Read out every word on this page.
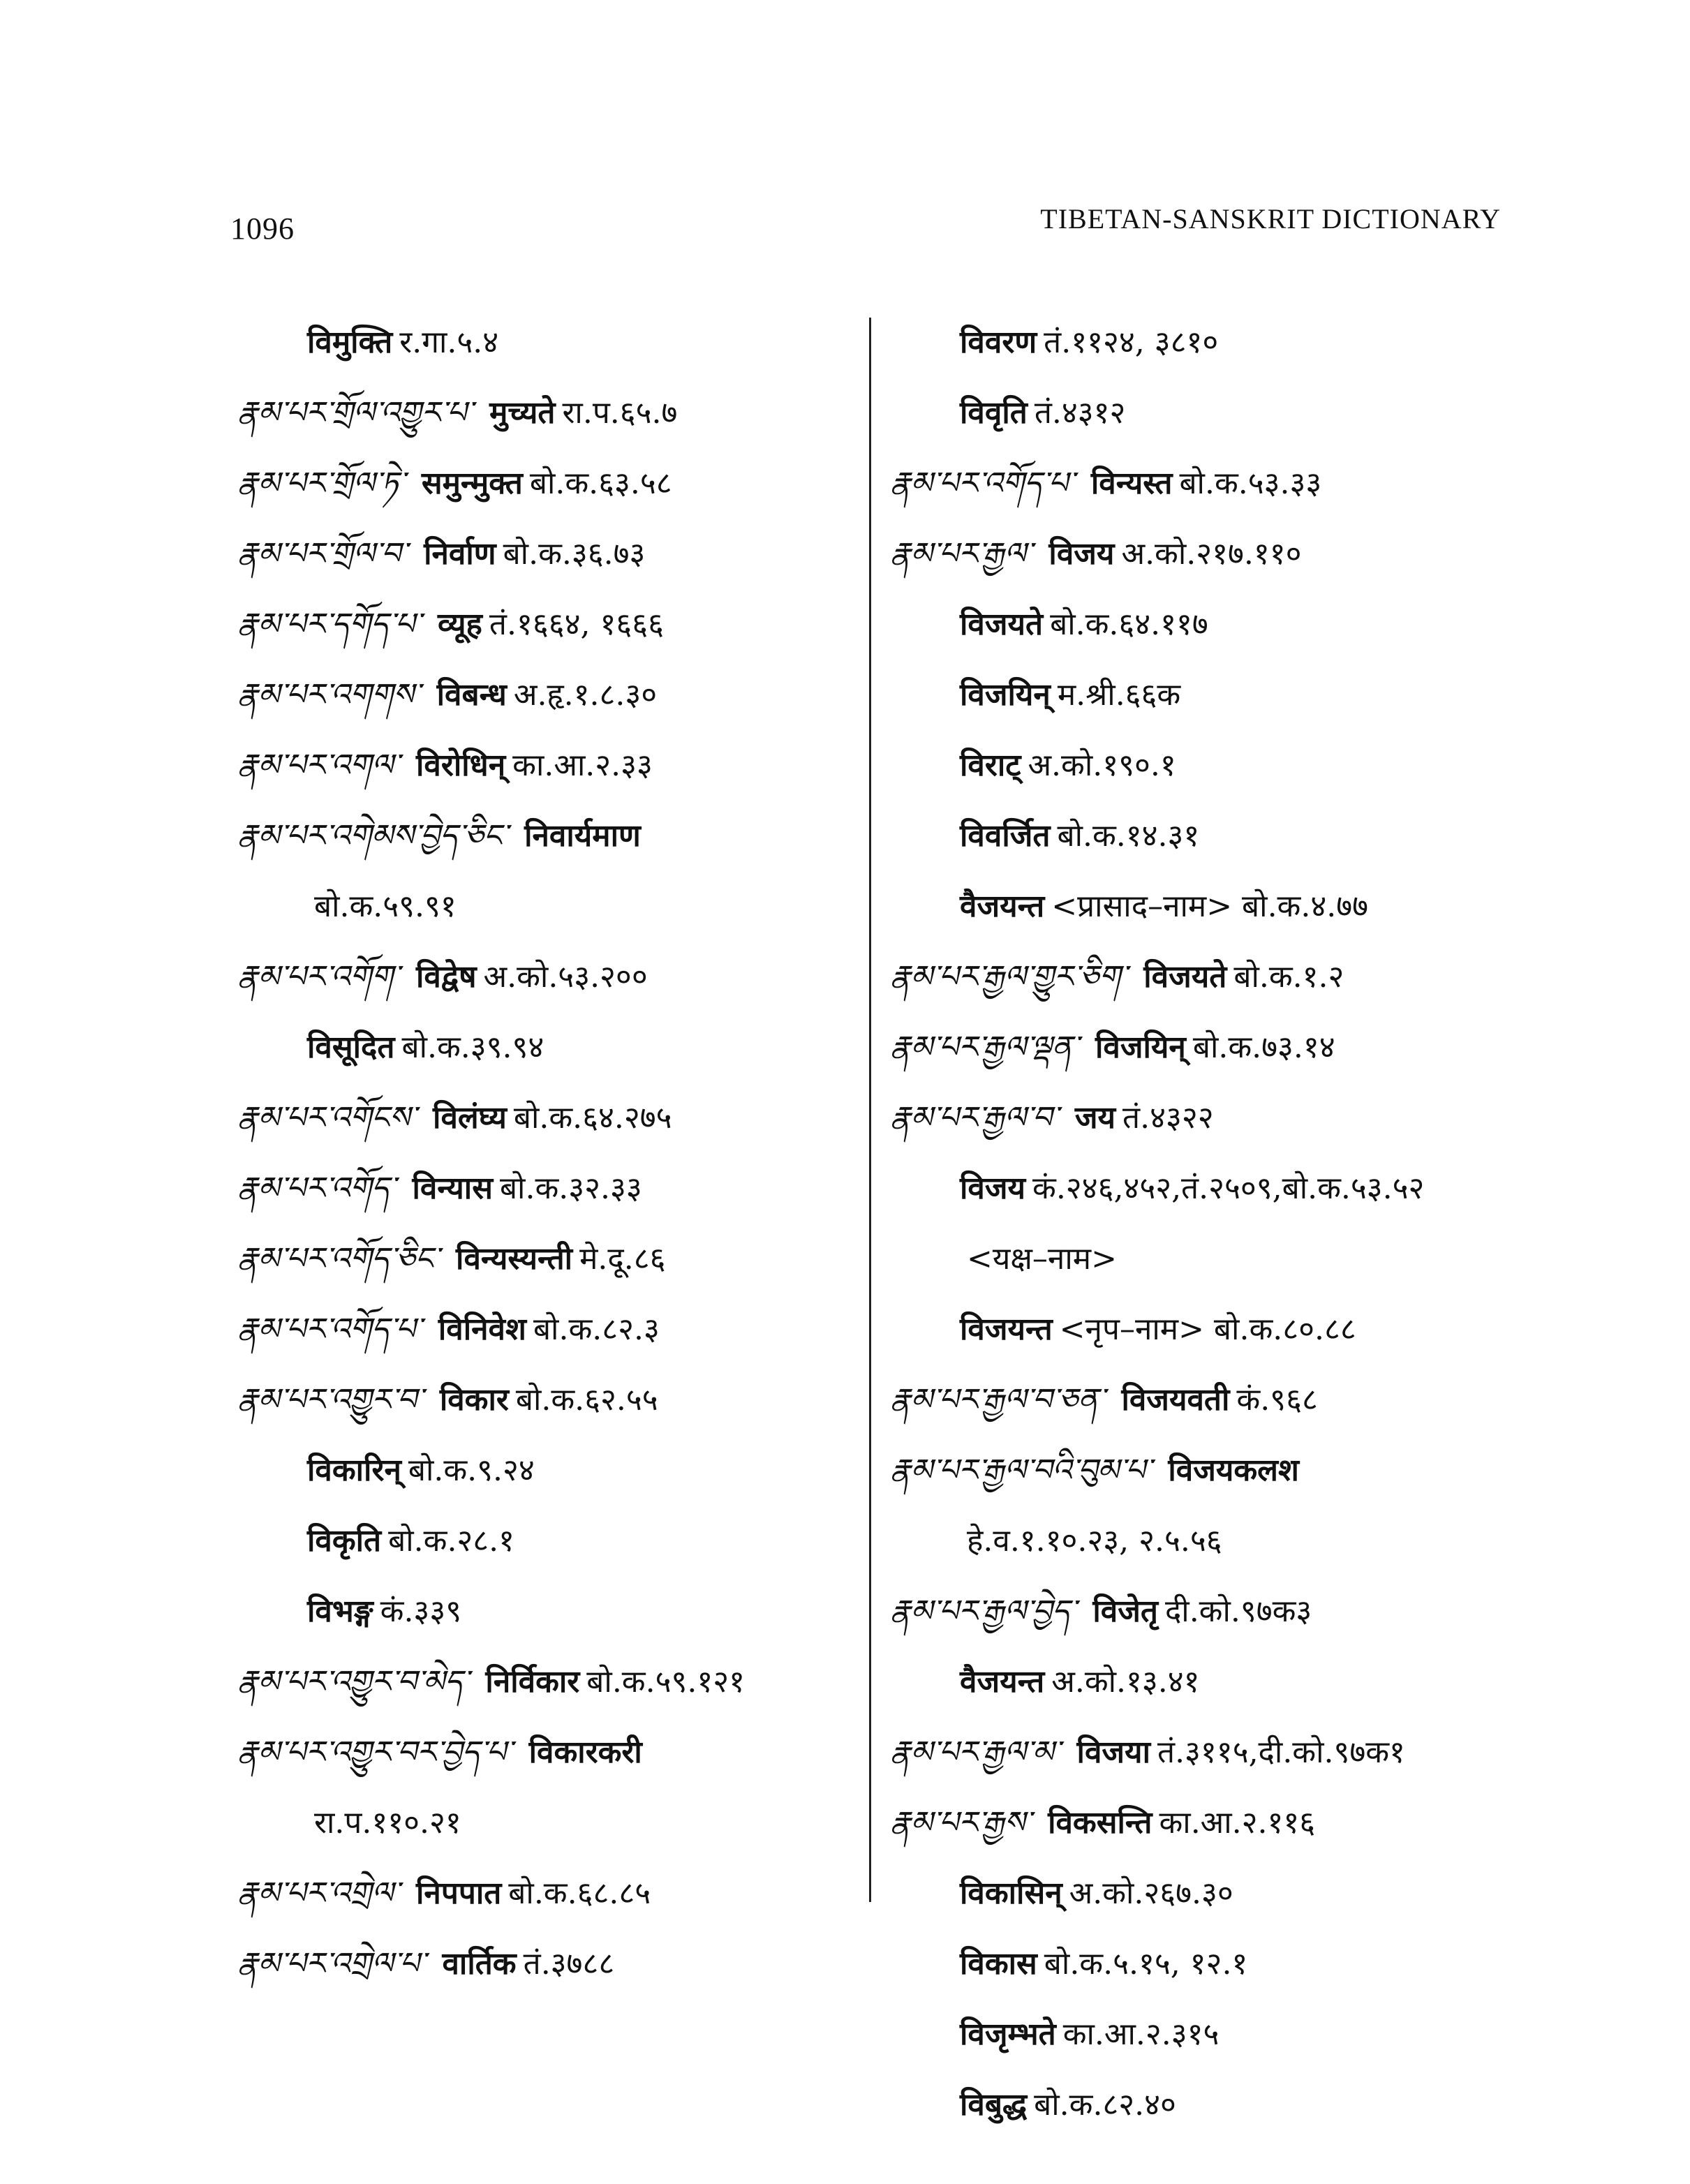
1096	TIBETAN-SANSKRIT DICTIONARY
विमुक्ति र.गा.५.४
རྣམ་པར་གྲོལ་འགྱུར་པ་ मुच्यते रा.प.६५.७
རྣམ་པར་གྲོལ་ཏེ་ समुन्मुक्त बो.क.६३.५८
རྣམ་པར་གྲོལ་བ་ निर्वाण बो.क.३६.७३
རྣམ་པར་དགོད་པ་ व्यूह तं.१६६४, १६६६
རྣམ་པར་འགགས་ विबन्ध अ.हृ.१.८.३०
རྣམ་པར་འགལ་ विरोधिन् का.आ.२.३३
རྣམ་པར་འགེམས་བྱེད་ཅིང་ निवार्यमाण
बो.क.५९.९१
རྣམ་པར་འགོག་ विद्वेष अ.को.५३.२००
विसूदित बो.क.३९.९४
རྣམ་པར་འགོངས་ विलंघ्य बो.क.६४.२७५
རྣམ་པར་འགོད་ विन्यास बो.क.३२.३३
རྣམ་པར་འགོད་ཅིང་ विन्यस्यन्ती मे.दू.८६
རྣམ་པར་འགོད་པ་ विनिवेश बो.क.८२.३
རྣམ་པར་འགྱུར་བ་ विकार बो.क.६२.५५
विकारिन् बो.क.९.२४
विकृति बो.क.२८.१
विभङ्ग कं.३३९
རྣམ་པར་འགྱུར་བ་མེད་ निर्विकार बो.क.५९.१२१
རྣམ་པར་འགྱུར་བར་བྱེད་པ་ विकारकरी
रा.प.११०.२१
རྣམ་པར་འགྲེལ་ निपपात बो.क.६८.८५
རྣམ་པར་འགྲེལ་པ་ वार्तिक तं.३७८८
विवरण तं.११२४, ३८१०
विवृति तं.४३१२
རྣམ་པར་འགོད་པ་ विन्यस्त बो.क.५३.३३
རྣམ་པར་རྒྱལ་ विजय अ.को.२१७.११०
विजयते बो.क.६४.११७
विजयिन् म.श्री.६६क
विराट् अ.को.१९०.१
विवर्जित बो.क.१४.३१
वैजयन्त <प्रासाद–नाम> बो.क.४.७७
རྣམ་པར་རྒྱལ་གྱུར་ཅིག་ विजयते बो.क.१.२
རྣམ་པར་རྒྱལ་ལྡན་ विजयिन् बो.क.७३.१४
རྣམ་པར་རྒྱལ་བ་ जय तं.४३२२
विजय कं.२४६,४५२,तं.२५०९,बो.क.५३.५२
<यक्ष–नाम>
विजयन्त <नृप–नाम> बो.क.८०.८८
རྣམ་པར་རྒྱལ་བ་ཅན་ विजयवती कं.९६८
རྣམ་པར་རྒྱལ་བའི་བུམ་པ་ विजयकलश
हे.व.१.१०.२३, २.५.५६
རྣམ་པར་རྒྱལ་བྱེད་ विजेतृ दी.को.९७क३
वैजयन्त अ.को.१३.४१
རྣམ་པར་རྒྱལ་མ་ विजया तं.३११५,दी.को.९७क१
རྣམ་པར་རྒྱས་ विकसन्ति का.आ.२.११६
विकासिन् अ.को.२६७.३०
विकास बो.क.५.१५, १२.१
विजृम्भते का.आ.२.३१५
विबुद्ध बो.क.८२.४०
